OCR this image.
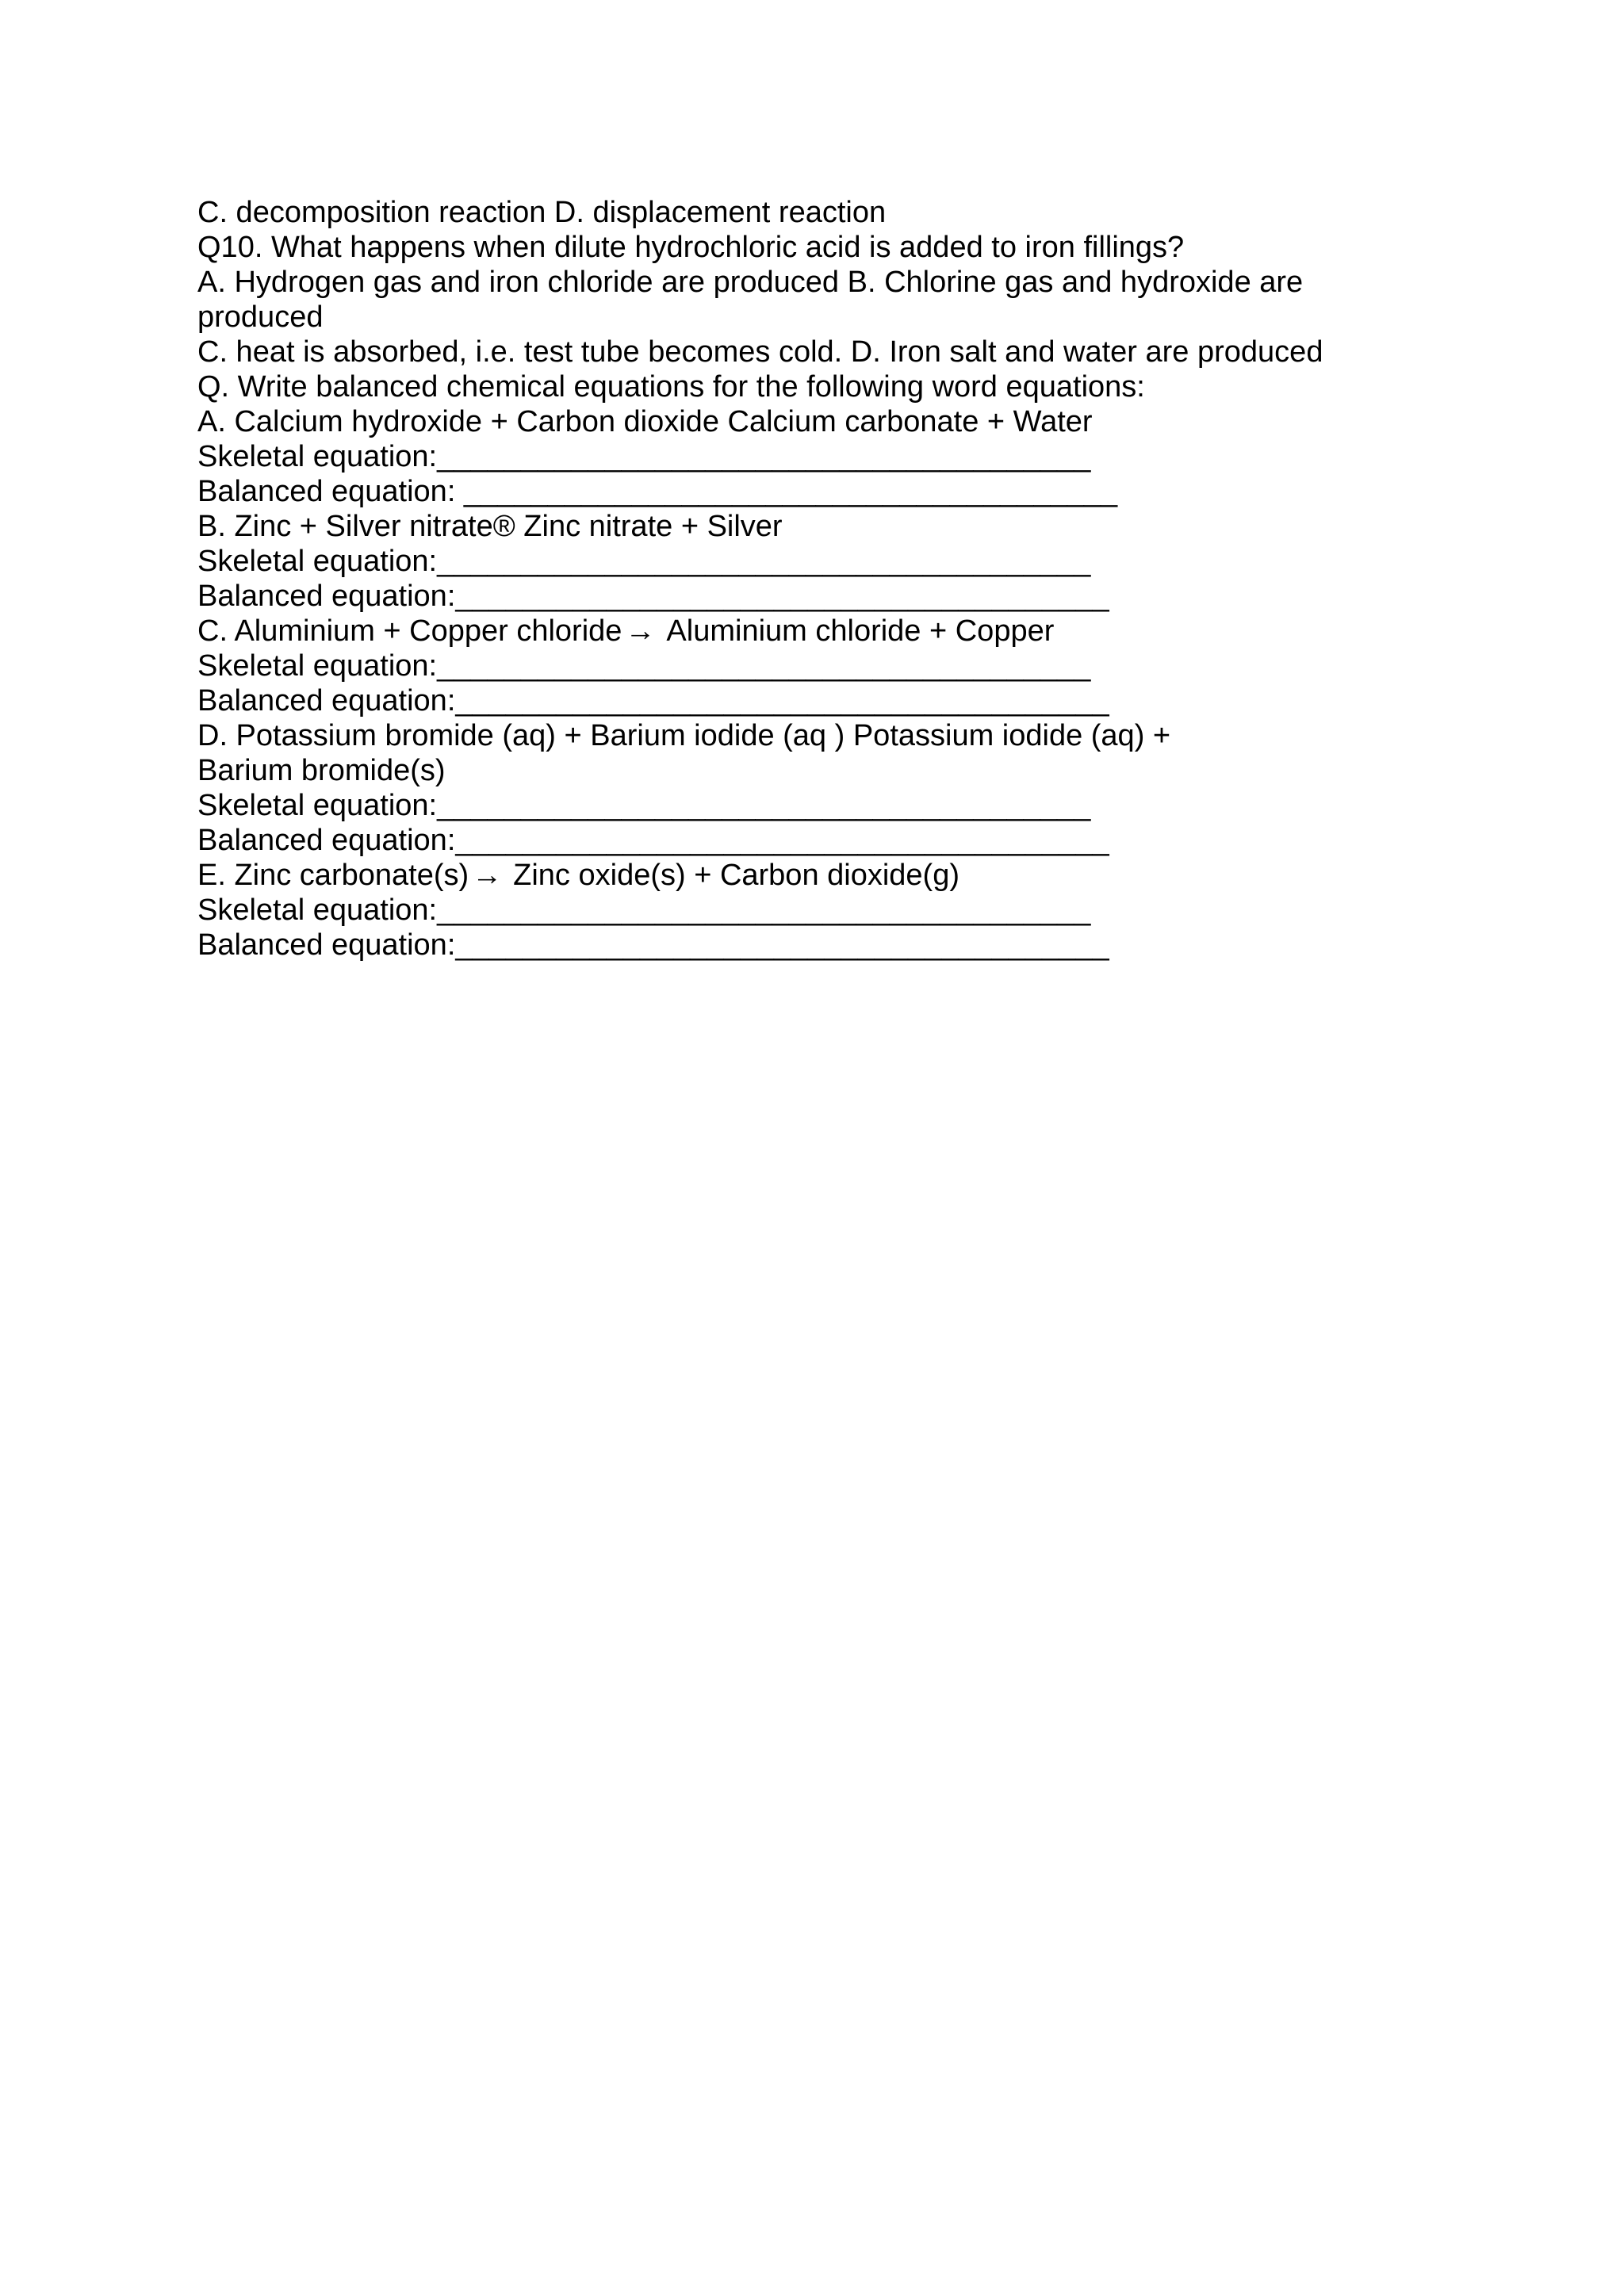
C. decomposition reaction D. displacement reaction
Q10. What happens when dilute hydrochloric acid is added to iron fillings?
A. Hydrogen gas and iron chloride are produced B. Chlorine gas and hydroxide are produced
C. heat is absorbed, i.e. test tube becomes cold. D. Iron salt and water are produced
Q. Write balanced chemical equations for the following word equations:
A. Calcium hydroxide + Carbon dioxide Calcium carbonate + Water
Skeletal equation:_______________________________________
Balanced equation: _______________________________________
B. Zinc + Silver nitrate® Zinc nitrate + Silver
Skeletal equation:_______________________________________
Balanced equation:_______________________________________
C. Aluminium + Copper chloride → Aluminium chloride + Copper
Skeletal equation:_______________________________________
Balanced equation:_______________________________________
D. Potassium bromide (aq) + Barium iodide (aq ) Potassium iodide (aq) + Barium bromide(s)
Skeletal equation:_______________________________________
Balanced equation:_______________________________________
E. Zinc carbonate(s) → Zinc oxide(s) + Carbon dioxide(g)
Skeletal equation:_______________________________________
Balanced equation:_______________________________________
